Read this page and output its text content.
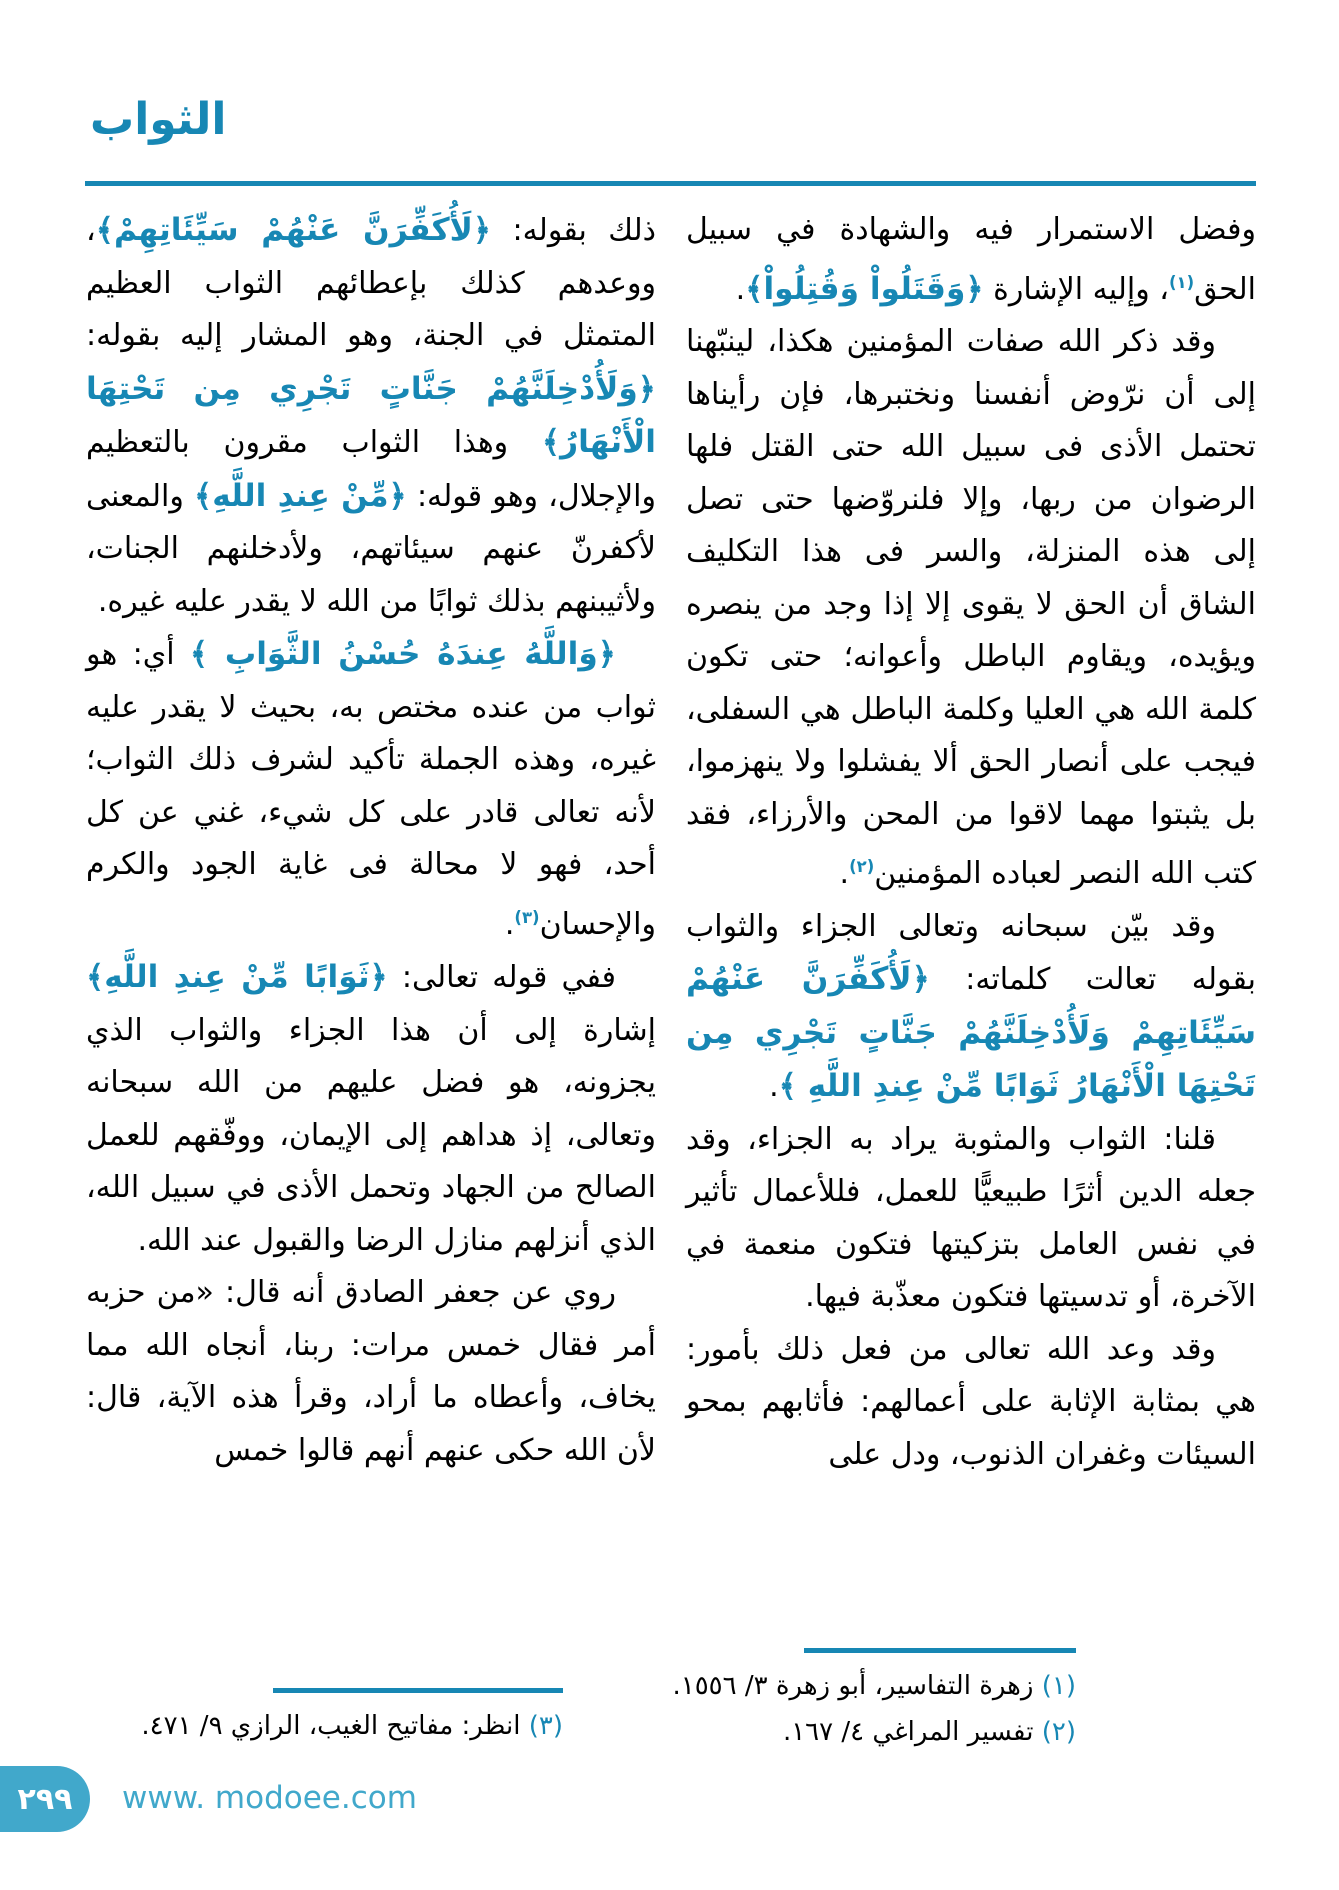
الثواب

وفضل الاستمرار فيه والشهادة في سبيل الحق$^{(١)}$، وإليه الإشارة ﴿وَقَتَلُواْ وَقُتِلُواْ﴾.

وقد ذكر الله صفات المؤمنين هكذا، لينبّهنا إلى أن نرّوض أنفسنا ونختبرها، فإن رأيناها تحتمل الأذى فى سبيل الله حتى القتل فلها الرضوان من ربها، وإلا فلنروّضها حتى تصل إلى هذه المنزلة، والسر فى هذا التكليف الشاق أن الحق لا يقوى إلا إذا وجد من ينصره ويؤيده، ويقاوم الباطل وأعوانه؛ حتى تكون كلمة الله هي العليا وكلمة الباطل هي السفلى، فيجب على أنصار الحق ألا يفشلوا ولا ينهزموا، بل يثبتوا مهما لاقوا من المحن والأرزاء، فقد كتب الله النصر لعباده المؤمنين$^{(٢)}$.

وقد بيّن سبحانه وتعالى الجزاء والثواب بقوله تعالت كلماته: ﴿لَأُكَفِّرَنَّ عَنْهُمْ سَيِّئَاتِهِمْ وَلَأُدْخِلَنَّهُمْ جَنَّاتٍ تَجْرِي مِن تَحْتِهَا الْأَنْهَارُ ثَوَابًا مِّنْ عِندِ اللَّهِ ﴾.

قلنا: الثواب والمثوبة يراد به الجزاء، وقد جعله الدين أثرًا طبيعيًّا للعمل، فللأعمال تأثير في نفس العامل بتزكيتها فتكون منعمة في الآخرة، أو تدسيتها فتكون معذّبة فيها.

وقد وعد الله تعالى من فعل ذلك بأمور: هي بمثابة الإثابة على أعمالهم: فأثابهم بمحو السيئات وغفران الذنوب، ودل على

(١) زهرة التفاسير، أبو زهرة ٣/ ١٥٥٦.
(٢) تفسير المراغي ٤/ ١٦٧.

ذلك بقوله: ﴿لَأُكَفِّرَنَّ عَنْهُمْ سَيِّئَاتِهِمْ﴾، ووعدهم كذلك بإعطائهم الثواب العظيم المتمثل في الجنة، وهو المشار إليه بقوله: ﴿وَلَأُدْخِلَنَّهُمْ جَنَّاتٍ تَجْرِي مِن تَحْتِهَا الْأَنْهَارُ﴾ وهذا الثواب مقرون بالتعظيم والإجلال، وهو قوله: ﴿مِّنْ عِندِ اللَّهِ﴾ والمعنى لأكفرنّ عنهم سيئاتهم، ولأدخلنهم الجنات، ولأثيبنهم بذلك ثوابًا من الله لا يقدر عليه غيره.

﴿وَاللَّهُ عِندَهُ حُسْنُ الثَّوَابِ ﴾ أي: هو ثواب من عنده مختص به، بحيث لا يقدر عليه غيره، وهذه الجملة تأكيد لشرف ذلك الثواب؛ لأنه تعالى قادر على كل شيء، غني عن كل أحد، فهو لا محالة فى غاية الجود والكرم والإحسان$^{(٣)}$.

ففي قوله تعالى: ﴿ثَوَابًا مِّنْ عِندِ اللَّهِ﴾ إشارة إلى أن هذا الجزاء والثواب الذي يجزونه، هو فضل عليهم من الله سبحانه وتعالى، إذ هداهم إلى الإيمان، ووفّقهم للعمل الصالح من الجهاد وتحمل الأذى في سبيل الله، الذي أنزلهم منازل الرضا والقبول عند الله.

روي عن جعفر الصادق أنه قال: «من حزبه أمر فقال خمس مرات: ربنا، أنجاه الله مما يخاف، وأعطاه ما أراد، وقرأ هذه الآية، قال: لأن الله حكى عنهم أنهم قالوا خمس

(٣) انظر: مفاتيح الغيب، الرازي ٩/ ٤٧١.
٢٩٩ www. modoee.com
